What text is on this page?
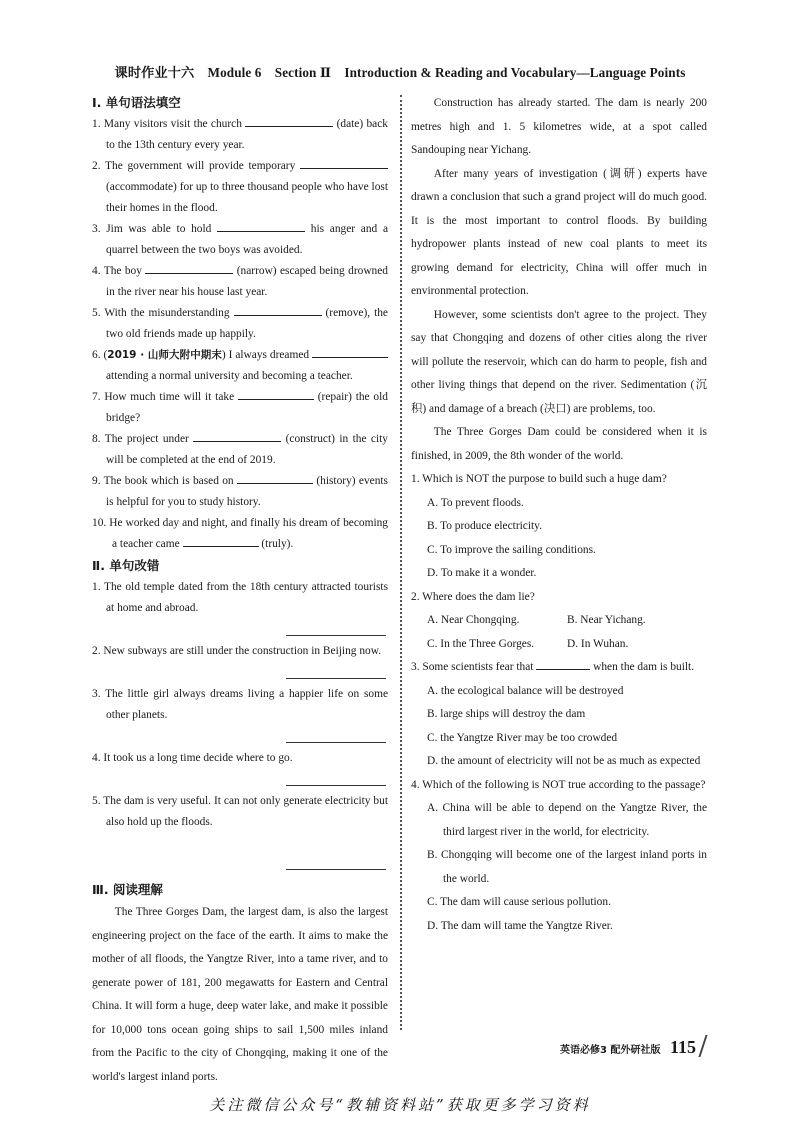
课时作业十六　Module 6　Section Ⅱ　Introduction & Reading and Vocabulary—Language Points
Ⅰ. 单句语法填空
1. Many visitors visit the church	(date) back to the 13th century every year.
2. The government will provide temporary  (accommodate) for up to three thousand people who have lost their homes in the flood.
3. Jim was able to hold	his anger and a quarrel between the two boys was avoided.
4. The boy	(narrow) escaped being drowned in the river near his house last year.
5. With the misunderstanding	(remove), the two old friends made up happily.
6. (2019 · 山师大附中期末) I always dreamed  attending a normal university and becoming a teacher.
7. How much time will it take	(repair) the old bridge?
8. The project under	(construct) in the city will be completed at the end of 2019.
9. The book which is based on	(history) events is helpful for you to study history.
10. He worked day and night, and finally his dream of becoming a teacher came	(truly).
Ⅱ. 单句改错
1. The old temple dated from the 18th century attracted tourists at home and abroad.
2. New subways are still under the construction in Beijing now.
3. The little girl always dreams living a happier life on some other planets.
4. It took us a long time decide where to go.
5. The dam is very useful. It can not only generate electricity but also hold up the floods.
Ⅲ. 阅读理解
The Three Gorges Dam, the largest dam, is also the largest engineering project on the face of the earth. It aims to make the mother of all floods, the Yangtze River, into a tame river, and to generate power of 181, 200 megawatts for Eastern and Central China. It will form a huge, deep water lake, and make it possible for 10,000 tons ocean going ships to sail 1,500 miles inland from the Pacific to the city of Chongqing, making it one of the world's largest inland ports.
Construction has already started. The dam is nearly 200 metres high and 1. 5 kilometres wide, at a spot called Sandouping near Yichang.
After many years of investigation (调研) experts have drawn a conclusion that such a grand project will do much good. It is the most important to control floods. By building hydropower plants instead of new coal plants to meet its growing demand for electricity, China will offer much in environmental protection.
However, some scientists don't agree to the project. They say that Chongqing and dozens of other cities along the river will pollute the reservoir, which can do harm to people, fish and other living things that depend on the river. Sedimentation (沉积) and damage of a breach (决口) are problems, too.
The Three Gorges Dam could be considered when it is finished, in 2009, the 8th wonder of the world.
1. Which is NOT the purpose to build such a huge dam?
A. To prevent floods.
B. To produce electricity.
C. To improve the sailing conditions.
D. To make it a wonder.
2. Where does the dam lie?
A. Near Chongqing.	B. Near Yichang.
C. In the Three Gorges.	D. In Wuhan.
3. Some scientists fear that	when the dam is built.
A. the ecological balance will be destroyed
B. large ships will destroy the dam
C. the Yangtze River may be too crowded
D. the amount of electricity will not be as much as expected
4. Which of the following is NOT true according to the passage?
A. China will be able to depend on the Yangtze River, the third largest river in the world, for electricity.
B. Chongqing will become one of the largest inland ports in the world.
C. The dam will cause serious pollution.
D. The dam will tame the Yangtze River.
英语必修3 配外研社版 115
关注微信公众号“教辅资料站”获取更多学习资料
